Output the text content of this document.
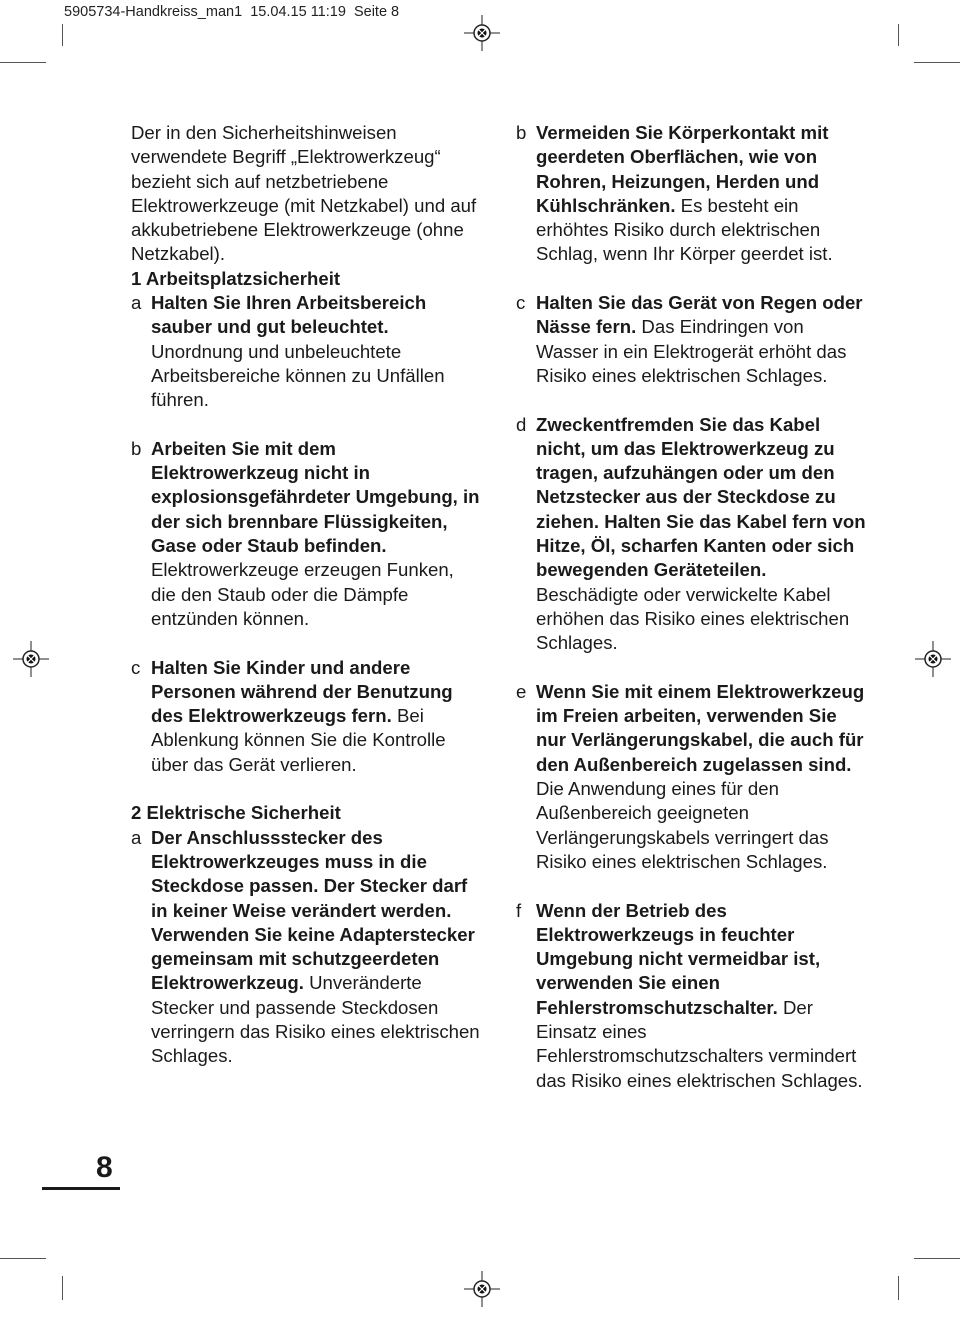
5905734-Handkreiss_man1 15.04.15 11:19 Seite 8

Der in den Sicherheitshinweisen verwendete Begriff „Elektrowerkzeug“ bezieht sich auf netzbetriebene Elektrowerkzeuge (mit Netzkabel) und auf akkubetriebene Elektrowerkzeuge (ohne Netzkabel).

1 Arbeitsplatzsicherheit

a Halten Sie Ihren Arbeitsbereich sauber und gut beleuchtet. Unordnung und unbeleuchtete Arbeitsbereiche können zu Unfällen führen.

b Arbeiten Sie mit dem Elektrowerkzeug nicht in explosionsgefährdeter Umgebung, in der sich brennbare Flüssigkeiten, Gase oder Staub befinden. Elektrowerkzeuge erzeugen Funken, die den Staub oder die Dämpfe entzünden können.

c Halten Sie Kinder und andere Personen während der Benutzung des Elektrowerkzeugs fern. Bei Ablenkung können Sie die Kontrolle über das Gerät verlieren.

2 Elektrische Sicherheit

a Der Anschlussstecker des Elektrowerkzeuges muss in die Steckdose passen. Der Stecker darf in keiner Weise verändert werden. Verwenden Sie keine Adapterstecker gemeinsam mit schutzgeerdeten Elektrowerkzeug. Unveränderte Stecker und passende Steckdosen verringern das Risiko eines elektrischen Schlages.

b Vermeiden Sie Körperkontakt mit geerdeten Oberflächen, wie von Rohren, Heizungen, Herden und Kühlschränken. Es besteht ein erhöhtes Risiko durch elektrischen Schlag, wenn Ihr Körper geerdet ist.

c Halten Sie das Gerät von Regen oder Nässe fern. Das Eindringen von Wasser in ein Elektrogerät erhöht das Risiko eines elektrischen Schlages.

d Zweckentfremden Sie das Kabel nicht, um das Elektrowerkzeug zu tragen, aufzuhängen oder um den Netzstecker aus der Steckdose zu ziehen. Halten Sie das Kabel fern von Hitze, Öl, scharfen Kanten oder sich bewegenden Geräteteilen. Beschädigte oder verwickelte Kabel erhöhen das Risiko eines elektrischen Schlages.

e Wenn Sie mit einem Elektrowerkzeug im Freien arbeiten, verwenden Sie nur Verlängerungskabel, die auch für den Außenbereich zugelassen sind. Die Anwendung eines für den Außenbereich geeigneten Verlängerungskabels verringert das Risiko eines elektrischen Schlages.

f Wenn der Betrieb des Elektrowerkzeugs in feuchter Umgebung nicht vermeidbar ist, verwenden Sie einen Fehlerstromschutzschalter. Der Einsatz eines Fehlerstromschutzschalters vermindert das Risiko eines elektrischen Schlages.

8
